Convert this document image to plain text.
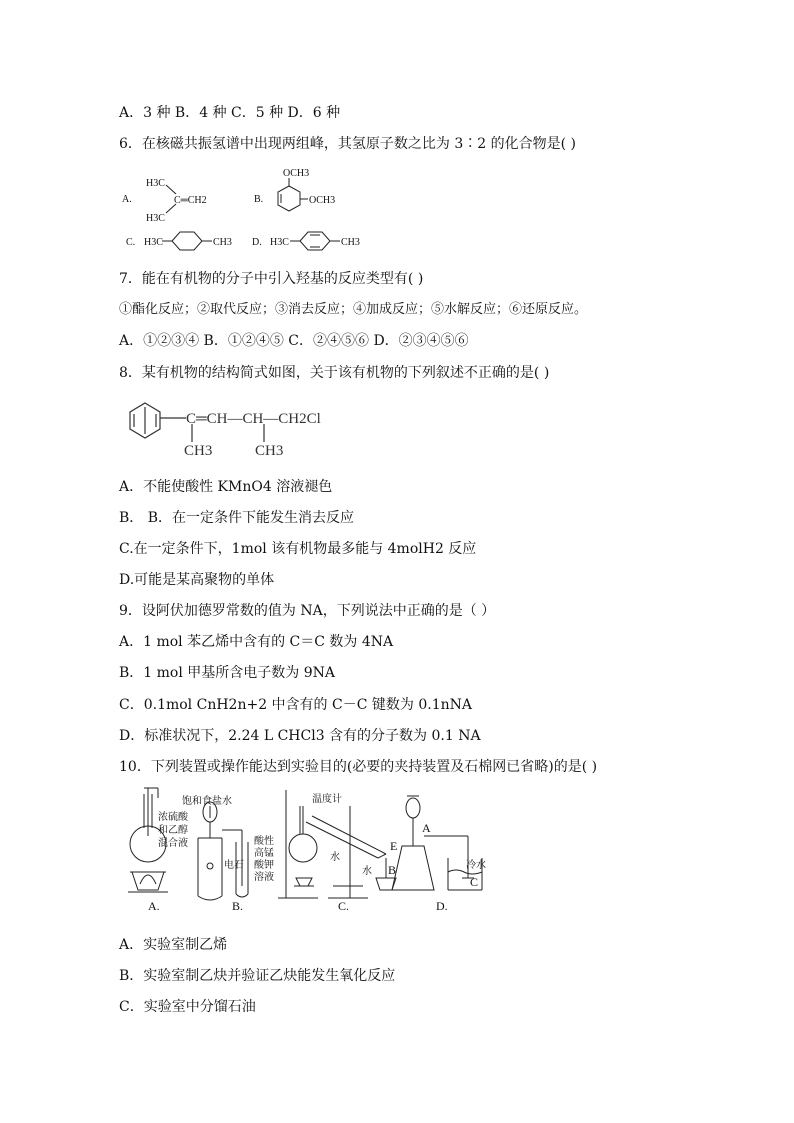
A．3 种 B．4 种 C．5 种 D．6 种
6．在核磁共振氢谱中出现两组峰，其氢原子数之比为 3∶2 的化合物是( )
A.
H3C
H3C
C═CH2	B.
OCH3
OCH3
C. H3C	CH3 D. H3C	CH3
7．能在有机物的分子中引入羟基的反应类型有( )
①酯化反应；②取代反应；③消去反应；④加成反应；⑤水解反应；⑥还原反应。
A．①②③④ B．①②④⑤ C．②④⑤⑥ D．②③④⑤⑥
8．某有机物的结构简式如图，关于该有机物的下列叙述不正确的是( )
C═CH—CH—CH2Cl
CH3	CH3
A．不能使酸性 KMnO4 溶液褪色
B． B．在一定条件下能发生消去反应
C.在一定条件下，1mol 该有机物最多能与 4molH2 反应
D.可能是某高聚物的单体
9．设阿伏加德罗常数的值为 NA，下列说法中正确的是（ ）
A．1 mol 苯乙烯中含有的 C＝C 数为 4NA
B．1 mol 甲基所含电子数为 9NA
C．0.1mol CnH2n+2 中含有的 C－C 键数为 0.1nNA
D．标准状况下，2.24 L CHCl3 含有的分子数为 0.1 NA
10．下列装置或操作能达到实验目的(必要的夹持装置及石棉网已省略)的是( )
浓硫酸
和乙醇
混合液
饱和食盐水
电石
酸性
高锰
酸钾
溶液
温度计
水
水
A
E
B	冷水
C
A.	B.	C.	D.
A．实验室制乙烯
B．实验室制乙炔并验证乙炔能发生氧化反应
C．实验室中分馏石油
